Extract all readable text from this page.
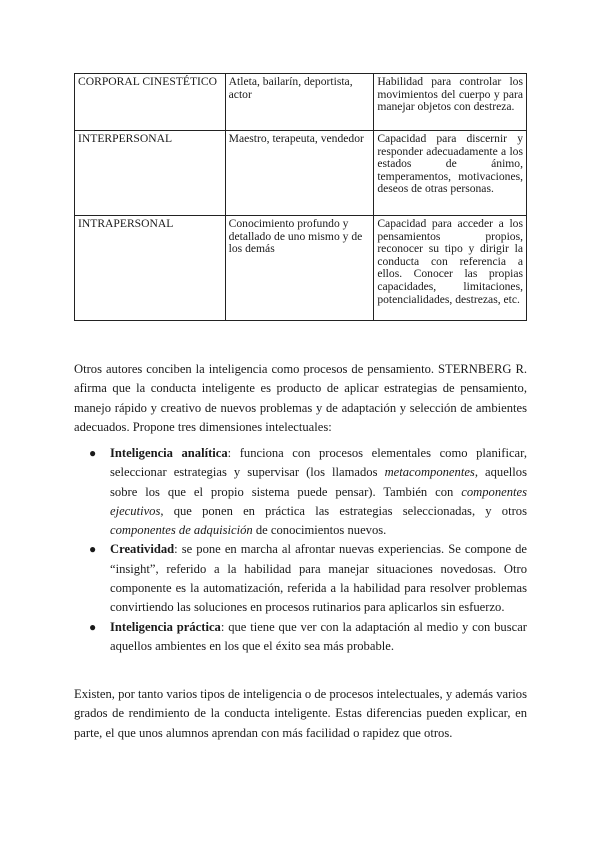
CORPORAL CINESTÉTICO	Atleta, bailarín, deportista, actor	Habilidad para controlar los movimientos del cuerpo y para manejar objetos con destreza.
INTERPERSONAL	Maestro, terapeuta, vendedor	Capacidad para discernir y responder adecuadamente a los estados de ánimo, temperamentos, motivaciones, deseos de otras personas.
INTRAPERSONAL	Conocimiento profundo y detallado de uno mismo y de los demás	Capacidad para acceder a los pensamientos propios, reconocer su tipo y dirigir la conducta con referencia a ellos. Conocer las propias capacidades, limitaciones, potencialidades, destrezas, etc.

Otros autores conciben la inteligencia como procesos de pensamiento. STERNBERG R. afirma que la conducta inteligente es producto de aplicar estrategias de pensamiento, manejo rápido y creativo de nuevos problemas y de adaptación y selección de ambientes adecuados. Propone tres dimensiones intelectuales:

● Inteligencia analítica: funciona con procesos elementales como planificar, seleccionar estrategias y supervisar (los llamados metacomponentes, aquellos sobre los que el propio sistema puede pensar). También con componentes ejecutivos, que ponen en práctica las estrategias seleccionadas, y otros componentes de adquisición de conocimientos nuevos.
● Creatividad: se pone en marcha al afrontar nuevas experiencias. Se compone de “insight”, referido a la habilidad para manejar situaciones novedosas. Otro componente es la automatización, referida a la habilidad para resolver problemas convirtiendo las soluciones en procesos rutinarios para aplicarlos sin esfuerzo.
● Inteligencia práctica: que tiene que ver con la adaptación al medio y con buscar aquellos ambientes en los que el éxito sea más probable.

Existen, por tanto varios tipos de inteligencia o de procesos intelectuales, y además varios grados de rendimiento de la conducta inteligente. Estas diferencias pueden explicar, en parte, el que unos alumnos aprendan con más facilidad o rapidez que otros.
